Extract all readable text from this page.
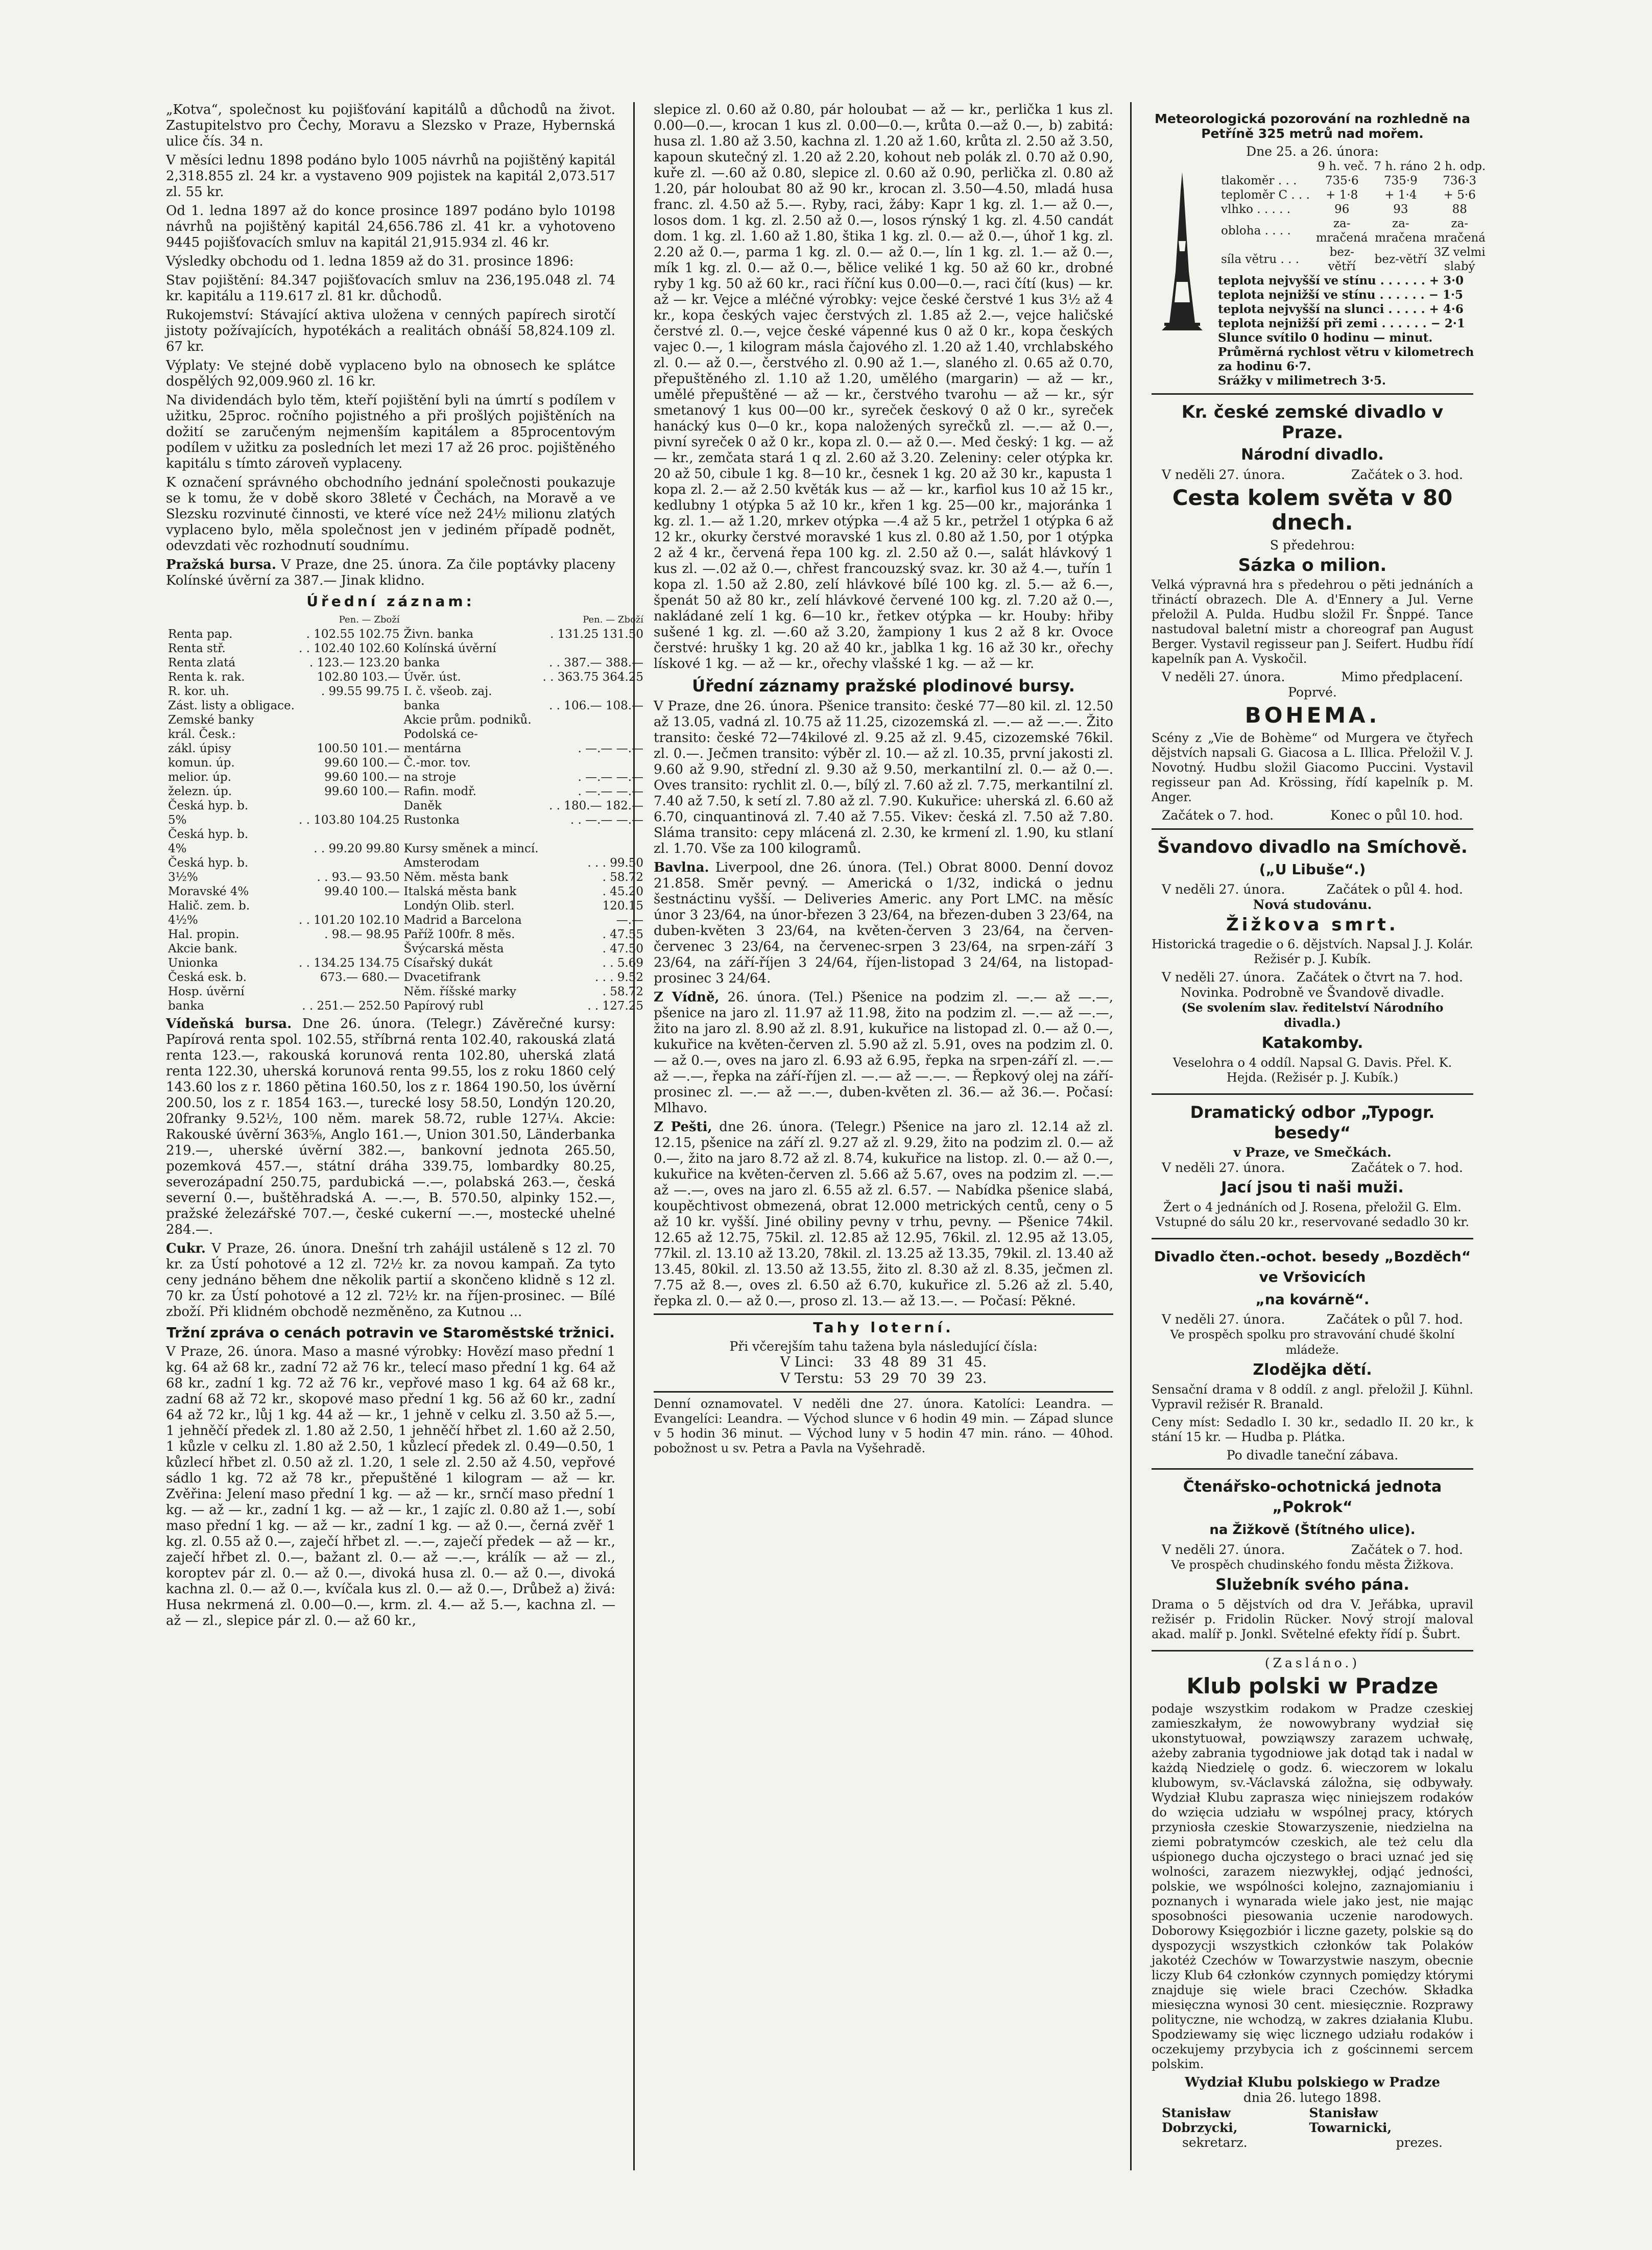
„Kotva“, společnost ku pojišťování kapitálů a důchodů na život. Zastupitelstvo pro Čechy, Moravu a Slezsko v Praze, Hybernská ulice čís. 34 n.

V měsíci lednu 1898 podáno bylo 1005 návrhů na pojištěný kapitál 2,318.855 zl. 24 kr. a vystaveno 909 pojistek na kapitál 2,073.517 zl. 55 kr.

Od 1. ledna 1897 až do konce prosince 1897 podáno bylo 10198 návrhů na pojištěný kapitál 24,656.786 zl. 41 kr. a vyhotoveno 9445 pojišťovacích smluv na kapitál 21,915.934 zl. 46 kr.

Výsledky obchodu od 1. ledna 1859 až do 31. prosince 1896:

Stav pojištění: 84.347 pojišťovacích smluv na 236,195.048 zl. 74 kr. kapitálu a 119.617 zl. 81 kr. důchodů.

Rukojemství: Stávající aktiva uložena v cenných papírech sirotčí jistoty požívajících, hypotékách a realitách obnáší 58,824.109 zl. 67 kr.

Výplaty: Ve stejné době vyplaceno bylo na obnosech ke splátce dospělých 92,009.960 zl. 16 kr.

Na dividendách bylo těm, kteří pojištění byli na úmrtí s podílem v užitku, 25proc. ročního pojistného a při prošlých pojištěních na dožití se zaručeným nejmenším kapitálem a 85procentovým podílem v užitku za posledních let mezi 17 až 26 proc. pojištěného kapitálu s tímto zároveň vyplaceny.

K označení správného obchodního jednání společnosti poukazuje se k tomu, že v době skoro 38leté v Čechách, na Moravě a ve Slezsku rozvinuté činnosti, ve které více než 24½ milionu zlatých vyplaceno bylo, měla společnost jen v jediném případě podnět, odevzdati věc rozhodnutí soudnímu.

Pražská bursa. V Praze, dne 25. února. Za čile poptávky placeny Kolínské úvěrní za 387.— Jinak klidno.

Úřední záznam:
	Pen. — Zboží		Pen. — Zboží
Renta pap.	. 102.55 102.75	Živn. banka	. 131.25 131.50
Renta stř.	. . 102.40 102.60	Kolínská úvěrní	
Renta zlatá	. 123.— 123.20	banka	. . 387.— 388.—
Renta k. rak.	102.80 103.—	Úvěr. úst.	. . 363.75 364.25
R. kor. uh.	. 99.55 99.75	I. č. všeob. zaj.	
Zást. listy a obligace.		banka	. . 106.— 108.—
Zemské banky		Akcie prům. podniků.	
král. Česk.:		Podolská ce-	
zákl. úpisy	100.50 101.—	mentárna	. —.— —.—
komun. úp.	99.60 100.—	Č.-mor. tov.	
melior. úp.	99.60 100.—	na stroje	. —.— —.—
železn. úp.	99.60 100.—	Rafin. modř.	. —.— —.—
Česká hyp. b.		Daněk	. . 180.— 182.—
5%	. . 103.80 104.25	Rustonka	. . —.— —.—
Česká hyp. b.			
4%	. . 99.20 99.80	Kursy směnek a mincí.	
Česká hyp. b.		Amsterodam	. . . 99.50
3½%	. . 93.— 93.50	Něm. města bank	. 58.72
Moravské 4%	99.40 100.—	Italská města bank	. 45.20
Halič. zem. b.		Londýn Olib. sterl.	120.15
4½%	. . 101.20 102.10	Madrid a Barcelona	—.—
Hal. propin.	. 98.— 98.95	Paříž 100fr. 8 měs.	. 47.55
Akcie bank.		Švýcarská města	. 47.50
Unionka	. . 134.25 134.75	Císařský dukát	. . 5.69
Česká esk. b.	673.— 680.—	Dvacetifrank	. . . 9.52
Hosp. úvěrní		Něm. říšské marky	. 58.72
banka	. . 251.— 252.50	Papírový rubl	. . 127.25

Vídeňská bursa. Dne 26. února. (Telegr.) Závěrečné kursy: Papírová renta spol. 102.55, stříbrná renta 102.40, rakouská zlatá renta 123.—, rakouská korunová renta 102.80, uherská zlatá renta 122.30, uherská korunová renta 99.55, los z roku 1860 celý 143.60 los z r. 1860 pětina 160.50, los z r. 1864 190.50, los úvěrní 200.50, los z r. 1854 163.—, turecké losy 58.50, Londýn 120.20, 20franky 9.52½, 100 něm. marek 58.72, ruble 127¼. Akcie: Rakouské úvěrní 363⅝, Anglo 161.—, Union 301.50, Länderbanka 219.—, uherské úvěrní 382.—, bankovní jednota 265.50, pozemková 457.—, státní dráha 339.75, lombardky 80.25, severozápadní 250.75, pardubická —.—, polabská 263.—, česká severní 0.—, buštěhradská A. —.—, B. 570.50, alpinky 152.—, pražské železářské 707.—, české cukerní —.—, mostecké uhelné 284.—.

Cukr. V Praze, 26. února. Dnešní trh zahájil ustáleně s 12 zl. 70 kr. za Ústí pohotové a 12 zl. 72½ kr. za novou kampaň. Za tyto ceny jednáno během dne několik partií a skončeno klidně s 12 zl. 70 kr. za Ústí pohotové a 12 zl. 72½ kr. na říjen-prosinec. — Bílé zboží. Při klidném obchodě nezměněno, za Kutnou ...

Tržní zpráva o cenách potravin ve Staroměstské tržnici.

V Praze, 26. února. Maso a masné výrobky: Hovězí maso přední 1 kg. 64 až 68 kr., zadní 72 až 76 kr., telecí maso přední 1 kg. 64 až 68 kr., zadní 1 kg. 72 až 76 kr., vepřové maso 1 kg. 64 až 68 kr., zadní 68 až 72 kr., skopové maso přední 1 kg. 56 až 60 kr., zadní 64 až 72 kr., lůj 1 kg. 44 až — kr., 1 jehně v celku zl. 3.50 až 5.—, 1 jehněčí předek zl. 1.80 až 2.50, 1 jehněčí hřbet zl. 1.60 až 2.50, 1 kůzle v celku zl. 1.80 až 2.50, 1 kůzlecí předek zl. 0.49—0.50, 1 kůzlecí hřbet zl. 0.50 až zl. 1.20, 1 sele zl. 2.50 až 4.50, vepřové sádlo 1 kg. 72 až 78 kr., přepuštěné 1 kilogram — až — kr. Zvěřina: Jelení maso přední 1 kg. — až — kr., srnčí maso přední 1 kg. — až — kr., zadní 1 kg. — až — kr., 1 zajíc zl. 0.80 až 1.—, sobí maso přední 1 kg. — až — kr., zadní 1 kg. — až 0.—, černá zvěř 1 kg. zl. 0.55 až 0.—, zaječí hřbet zl. —.—, zaječí předek — až — kr., zaječí hřbet zl. 0.—, bažant zl. 0.— až —.—, králík — až — zl., koroptev pár zl. 0.— až 0.—, divoká husa zl. 0.— až 0.—, divoká kachna zl. 0.— až 0.—, kvíčala kus zl. 0.— až 0.—, Drůbež a) živá: Husa nekrmená zl. 0.00—0.—, krm. zl. 4.— až 5.—, kachna zl. — až — zl., slepice pár zl. 0.— až 60 kr.,

slepice zl. 0.60 až 0.80, pár holoubat — až — kr., perlička 1 kus zl. 0.00—0.—, krocan 1 kus zl. 0.00—0.—, krůta 0.—až 0.—, b) zabitá: husa zl. 1.80 až 3.50, kachna zl. 1.20 až 1.60, krůta zl. 2.50 až 3.50, kapoun skutečný zl. 1.20 až 2.20, kohout neb polák zl. 0.70 až 0.90, kuře zl. —.60 až 0.80, slepice zl. 0.60 až 0.90, perlička zl. 0.80 až 1.20, pár holoubat 80 až 90 kr., krocan zl. 3.50—4.50, mladá husa franc. zl. 4.50 až 5.—. Ryby, raci, žáby: Kapr 1 kg. zl. 1.— až 0.—, losos dom. 1 kg. zl. 2.50 až 0.—, losos rýnský 1 kg. zl. 4.50 candát dom. 1 kg. zl. 1.60 až 1.80, štika 1 kg. zl. 0.— až 0.—, úhoř 1 kg. zl. 2.20 až 0.—, parma 1 kg. zl. 0.— až 0.—, lín 1 kg. zl. 1.— až 0.—, mík 1 kg. zl. 0.— až 0.—, bělice veliké 1 kg. 50 až 60 kr., drobné ryby 1 kg. 50 až 60 kr., raci říční kus 0.00—0.—, raci čítí (kus) — kr. až — kr. Vejce a mléčné výrobky: vejce české čerstvé 1 kus 3½ až 4 kr., kopa českých vajec čerstvých zl. 1.85 až 2.—, vejce haličské čerstvé zl. 0.—, vejce české vápenné kus 0 až 0 kr., kopa českých vajec 0.—, 1 kilogram másla čajového zl. 1.20 až 1.40, vrchlabského zl. 0.— až 0.—, čerstvého zl. 0.90 až 1.—, slaného zl. 0.65 až 0.70, přepuštěného zl. 1.10 až 1.20, umělého (margarin) — až — kr., umělé přepuštěné — až — kr., čerstvého tvarohu — až — kr., sýr smetanový 1 kus 00—00 kr., syreček českový 0 až 0 kr., syreček hanácký kus 0—0 kr., kopa naložených syrečků zl. —.— až 0.—, pivní syreček 0 až 0 kr., kopa zl. 0.— až 0.—. Med český: 1 kg. — až — kr., zemčata stará 1 q zl. 2.60 až 3.20. Zeleniny: celer otýpka kr. 20 až 50, cibule 1 kg. 8—10 kr., česnek 1 kg. 20 až 30 kr., kapusta 1 kopa zl. 2.— až 2.50 květák kus — až — kr., karfiol kus 10 až 15 kr., kedlubny 1 otýpka 5 až 10 kr., křen 1 kg. 25—00 kr., majoránka 1 kg. zl. 1.— až 1.20, mrkev otýpka —.4 až 5 kr., petržel 1 otýpka 6 až 12 kr., okurky čerstvé moravské 1 kus zl. 0.80 až 1.50, por 1 otýpka 2 až 4 kr., červená řepa 100 kg. zl. 2.50 až 0.—, salát hlávkový 1 kus zl. —.02 až 0.—, chřest francouzský svaz. kr. 30 až 4.—, tuřín 1 kopa zl. 1.50 až 2.80, zelí hlávkové bílé 100 kg. zl. 5.— až 6.—, špenát 50 až 80 kr., zelí hlávkové červené 100 kg. zl. 7.20 až 0.—, nakládané zelí 1 kg. 6—10 kr., řetkev otýpka — kr. Houby: hřiby sušené 1 kg. zl. —.60 až 3.20, žampiony 1 kus 2 až 8 kr. Ovoce čerstvé: hrušky 1 kg. 20 až 40 kr., jablka 1 kg. 16 až 30 kr., ořechy lískové 1 kg. — až — kr., ořechy vlašské 1 kg. — až — kr.

Úřední záznamy pražské plodinové bursy.

V Praze, dne 26. února. Pšenice transito: české 77—80 kil. zl. 12.50 až 13.05, vadná zl. 10.75 až 11.25, cizozemská zl. —.— až —.—. Žito transito: české 72—74kilové zl. 9.25 až zl. 9.45, cizozemské 76kil. zl. 0.—. Ječmen transito: výběr zl. 10.— až zl. 10.35, první jakosti zl. 9.60 až 9.90, střední zl. 9.30 až 9.50, merkantilní zl. 0.— až 0.—. Oves transito: rychlit zl. 0.—, bílý zl. 7.60 až zl. 7.75, merkantilní zl. 7.40 až 7.50, k setí zl. 7.80 až zl. 7.90. Kukuřice: uherská zl. 6.60 až 6.70, cinquantinová zl. 7.40 až 7.55. Vikev: česká zl. 7.50 až 7.80. Sláma transito: cepy mlácená zl. 2.30, ke krmení zl. 1.90, ku stlaní zl. 1.70. Vše za 100 kilogramů.

Bavlna. Liverpool, dne 26. února. (Tel.) Obrat 8000. Denní dovoz 21.858. Směr pevný. — Americká o 1/32, indická o jednu šestnáctinu vyšší. — Deliveries Americ. any Port LMC. na měsíc únor 3 23/64, na únor-březen 3 23/64, na březen-duben 3 23/64, na duben-květen 3 23/64, na květen-červen 3 23/64, na červen-červenec 3 23/64, na červenec-srpen 3 23/64, na srpen-září 3 23/64, na září-říjen 3 24/64, říjen-listopad 3 24/64, na listopad-prosinec 3 24/64.

Z Vídně, 26. února. (Tel.) Pšenice na podzim zl. —.— až —.—, pšenice na jaro zl. 11.97 až 11.98, žito na podzim zl. —.— až —.—, žito na jaro zl. 8.90 až zl. 8.91, kukuřice na listopad zl. 0.— až 0.—, kukuřice na květen-červen zl. 5.90 až zl. 5.91, oves na podzim zl. 0.— až 0.—, oves na jaro zl. 6.93 až 6.95, řepka na srpen-září zl. —.— až —.—, řepka na září-říjen zl. —.— až —.—. — Řepkový olej na září-prosinec zl. —.— až —.—, duben-květen zl. 36.— až 36.—. Počasí: Mlhavo.

Z Pešti, dne 26. února. (Telegr.) Pšenice na jaro zl. 12.14 až zl. 12.15, pšenice na září zl. 9.27 až zl. 9.29, žito na podzim zl. 0.— až 0.—, žito na jaro 8.72 až zl. 8.74, kukuřice na listop. zl. 0.— až 0.—, kukuřice na květen-červen zl. 5.66 až 5.67, oves na podzim zl. —.— až —.—, oves na jaro zl. 6.55 až zl. 6.57. — Nabídka pšenice slabá, koupěchtivost obmezená, obrat 12.000 metrických centů, ceny o 5 až 10 kr. vyšší. Jiné obiliny pevny v trhu, pevny. — Pšenice 74kil. 12.65 až 12.75, 75kil. zl. 12.85 až 12.95, 76kil. zl. 12.95 až 13.05, 77kil. zl. 13.10 až 13.20, 78kil. zl. 13.25 až 13.35, 79kil. zl. 13.40 až 13.45, 80kil. zl. 13.50 až 13.55, žito zl. 8.30 až zl. 8.35, ječmen zl. 7.75 až 8.—, oves zl. 6.50 až 6.70, kukuřice zl. 5.26 až zl. 5.40, řepka zl. 0.— až 0.—, proso zl. 13.— až 13.—. — Počasí: Pěkné.

Tahy loterní.
Při včerejším tahu tažena byla následující čísla:
V Linci:	33	48	89	31	45.
V Terstu:	53	29	70	39	23.

Denní oznamovatel. V neděli dne 27. února. Katolíci: Leandra. — Evangelíci: Leandra. — Východ slunce v 6 hodin 49 min. — Západ slunce v 5 hodin 36 minut. — Východ luny v 5 hodin 47 min. ráno. — 40hod. pobožnost u sv. Petra a Pavla na Vyšehradě.

Meteorologická pozorování na rozhledně na Petříně 325 metrů nad mořem.
Dne 25. a 26. února:
	9 h. več.	7 h. ráno	2 h. odp.
tlakoměr . . .	735·6	735·9	736·3
teploměr C . . .	+ 1·8	+ 1·4	+ 5·6
vlhko . . . . .	96	93	88
obloha . . . .	za-mračená	za-mračena	za-mračená
síla větru . . .	bez-větří	bez-větří	3Z velmi slabý
teplota nejvyšší ve stínu . . . . . . + 3·0
teplota nejnižší ve stínu . . . . . . − 1·5
teplota nejvyšší na slunci . . . . . + 4·6
teplota nejnižší při zemi . . . . . . − 2·1
Slunce svítilo 0 hodinu — minut.
Průměrná rychlost větru v kilometrech za hodinu 6·7.
Srážky v milimetrech 3·5.
Kr. české zemské divadlo v Praze.
Národní divadlo.
V neděli 27. února.	Začátek o 3. hod.
Cesta kolem světa v 80 dnech.
S předehrou:
Sázka o milion.

Velká výpravná hra s předehrou o pěti jednáních a třináctí obrazech. Dle A. d'Ennery a Jul. Verne přeložil A. Pulda. Hudbu složil Fr. Šnppé. Tance nastudoval baletní mistr a choreograf pan August Berger. Vystavil regisseur pan J. Seifert. Hudbu řídí kapelník pan A. Vyskočil.

V neděli 27. února.	Mimo předplacení.
Poprvé.
BOHEMA.

Scény z „Vie de Bohème“ od Murgera ve čtyřech dějstvích napsali G. Giacosa a L. Illica. Přeložil V. J. Novotný. Hudbu složil Giacomo Puccini. Vystavil regisseur pan Ad. Krössing, řídí kapelník p. M. Anger.

Začátek o 7. hod.	Konec o půl 10. hod.
Švandovo divadlo na Smíchově.
(„U Libuše“.)
V neděli 27. února.	Začátek o půl 4. hod.
Nová studovánu.
Žižkova smrt.

Historická tragedie o 6. dějstvích. Napsal J. J. Kolár. Režisér p. J. Kubík.

V neděli 27. února. Začátek o čtvrt na 7. hod.
Novinka. Podrobně ve Švandově divadle.
(Se svolením slav. ředitelství Národního divadla.)
Katakomby.

Veselohra o 4 oddíl. Napsal G. Davis. Přel. K. Hejda. (Režisér p. J. Kubík.)

Dramatický odbor „Typogr. besedy“
v Praze, ve Smečkách.
V neděli 27. února.	Začátek o 7. hod.
Jací jsou ti naši muži.

Žert o 4 jednáních od J. Rosena, přeložil G. Elm. Vstupné do sálu 20 kr., reservované sedadlo 30 kr.

Divadlo čten.-ochot. besedy „Bozděch“ ve Vršovicích
„na kovárně“.
V neděli 27. února.	Začátek o půl 7. hod.
Ve prospěch spolku pro stravování chudé školní mládeže.
Zlodějka dětí.

Sensační drama v 8 oddíl. z angl. přeložil J. Kühnl. Vypravil režisér R. Branald.

Ceny míst: Sedadlo I. 30 kr., sedadlo II. 20 kr., k stání 15 kr. — Hudba p. Plátka.

Po divadle taneční zábava.
Čtenářsko-ochotnická jednota „Pokrok“
na Žižkově (Štítného ulice).
V neděli 27. února.	Začátek o 7. hod.
Ve prospěch chudinského fondu města Žižkova.
Služebník svého pána.

Drama o 5 dějstvích od dra V. Jeřábka, upravil režisér p. Fridolin Rücker. Nový strojí maloval akad. malíř p. Jonkl. Světelné efekty řídí p. Šubrt.

(Zasláno.)
Klub polski w Pradze

podaje wszystkim rodakom w Pradze czeskiej zamieszkałym, że nowowybrany wydział się ukonstytuował, powziąwszy zarazem uchwałę, ażeby zabrania tygodniowe jak dotąd tak i nadal w każdą Niedzielę o godz. 6. wieczorem w lokalu klubowym, sv.-Václavská záložna, się odbywały. Wydział Klubu zaprasza więc niniejszem rodaków do wzięcia udziału w wspólnej pracy, których przyniosła czeskie Stowarzyszenie, niedzielna na ziemi pobratymców czeskich, ale też celu dla uśpionego ducha ojczystego o braci uznać jed się wolności, zarazem niezwykłej, odjąć jedności, polskie, we wspólności kolejno, zaznajomianiu i poznanych i wynarada wiele jako jest, nie mając sposobności piesowania uczenie narodowych. Doborowy Księgozbiór i liczne gazety, polskie są do dyspozycji wszystkich członków tak Polaków jakotéż Czechów w Towarzystwie naszym, obecnie liczy Klub 64 członków czynnych pomiędzy którymi znajduje się wiele braci Czechów. Składka miesięczna wynosi 30 cent. miesięcznie. Rozprawy polityczne, nie wchodzą, w zakres działania Klubu. Spodziewamy się więc licznego udziału rodaków i oczekujemy przybycia ich z gościnnemi sercem polskim.

Wydział Klubu polskiego w Pradze
dnia 26. lutego 1898.
Stanisław Dobrzycki,
Stanisław Towarnicki,
sekretarz.	prezes.
